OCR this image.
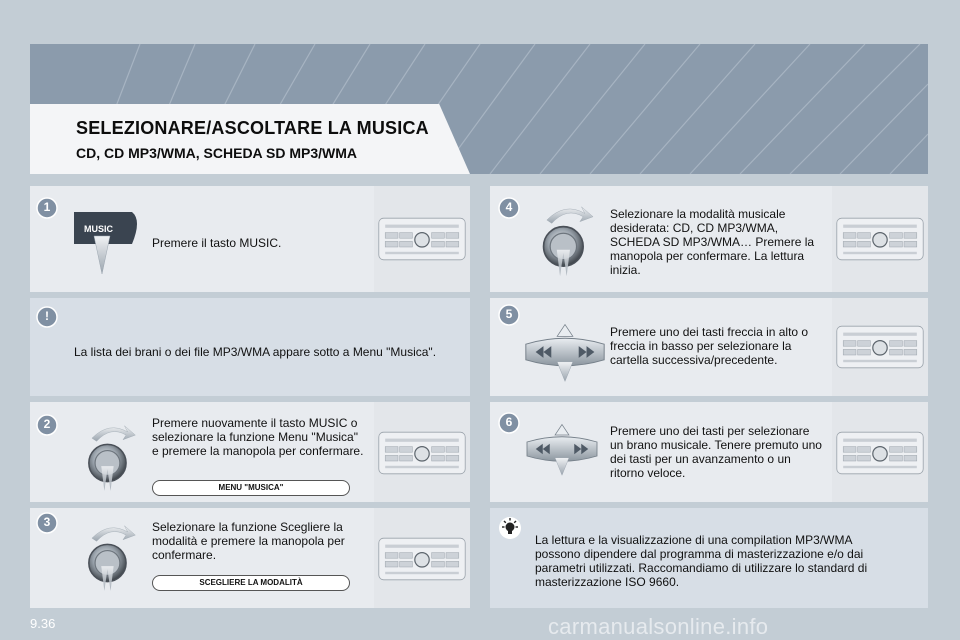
SELEZIONARE/ASCOLTARE LA MUSICA
CD, CD MP3/WMA, SCHEDA SD MP3/WMA
1
MUSIC
Premere il tasto MUSIC.
!
La lista dei brani o dei file MP3/WMA appare sotto a Menu "Musica".
2	Premere nuovamente il tasto MUSIC o selezionare la funzione Menu "Musica" e premere la manopola per confermare.
MENU "MUSICA"
3	Selezionare la funzione Scegliere la modalità e premere la manopola per confermare.
SCEGLIERE LA MODALITÀ
4	Selezionare la modalità musicale desiderata: CD, CD MP3/WMA, SCHEDA SD MP3/WMA… Premere la manopola per confermare. La lettura inizia.
5
Premere uno dei tasti freccia in alto o freccia in basso per selezionare la cartella successiva/precedente.
6
Premere uno dei tasti per selezionare un brano musicale. Tenere premuto uno dei tasti per un avanzamento o un ritorno veloce.
La lettura e la visualizzazione di una compilation MP3/WMA possono dipendere dal programma di masterizzazione e/o dai parametri utilizzati. Raccomandiamo di utilizzare lo standard di masterizzazione ISO 9660.
9.36	carmanualsonline.info
